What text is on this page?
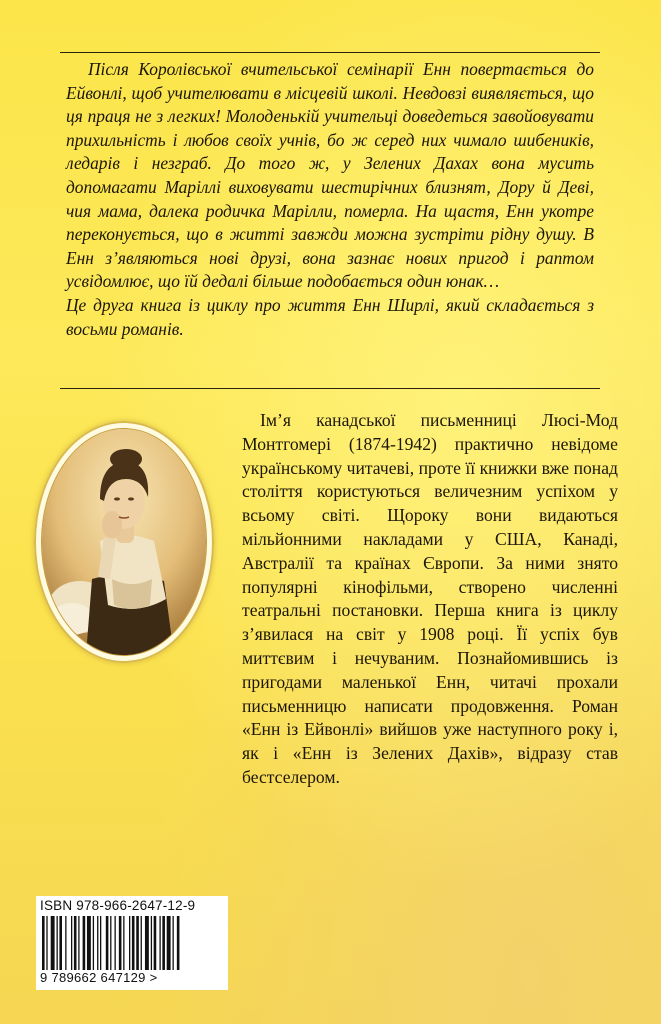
Після Королівської вчительської семінарії Енн повертається до Ейвонлі, щоб учителювати в місцевій школі. Невдовзі виявляється, що ця праця не з легких! Молоденькій учительці доведеться завойовувати прихильність і любов своїх учнів, бо ж серед них чимало шибеників, ледарів і незграб. До того ж, у Зелених Дахах вона мусить допомагати Маріллі виховувати шестирічних близнят, Дору й Деві, чия мама, далека родичка Марілли, померла. На щастя, Енн укотре переконується, що в житті завжди можна зустріти рідну душу. В Енн з’являються нові друзі, вона зазнає нових пригод і раптом усвідомлює, що їй дедалі більше подобається один юнак…

Це друга книга із циклу про життя Енн Ширлі, який складається з восьми романів.

Ім’я канадської письменниці Люсі-Мод Монтгомері (1874-1942) практично невідоме українському читачеві, проте її книжки вже понад століття користуються величезним успіхом у всьому світі. Щороку вони видаються мільйонними накладами у США, Канаді, Австралії та країнах Європи. За ними знято популярні кінофільми, створено численні театральні постановки. Перша книга із циклу з’явилася на світ у 1908 році. Її успіх був миттєвим і нечуваним. Познайомившись із пригодами маленької Енн, читачі прохали письменницю написати продовження. Роман «Енн із Ейвонлі» вийшов уже наступного року і, як і «Енн із Зелених Дахів», відразу став бестселером.

ISBN 978-966-2647-12-9
9 789662 647129 >
